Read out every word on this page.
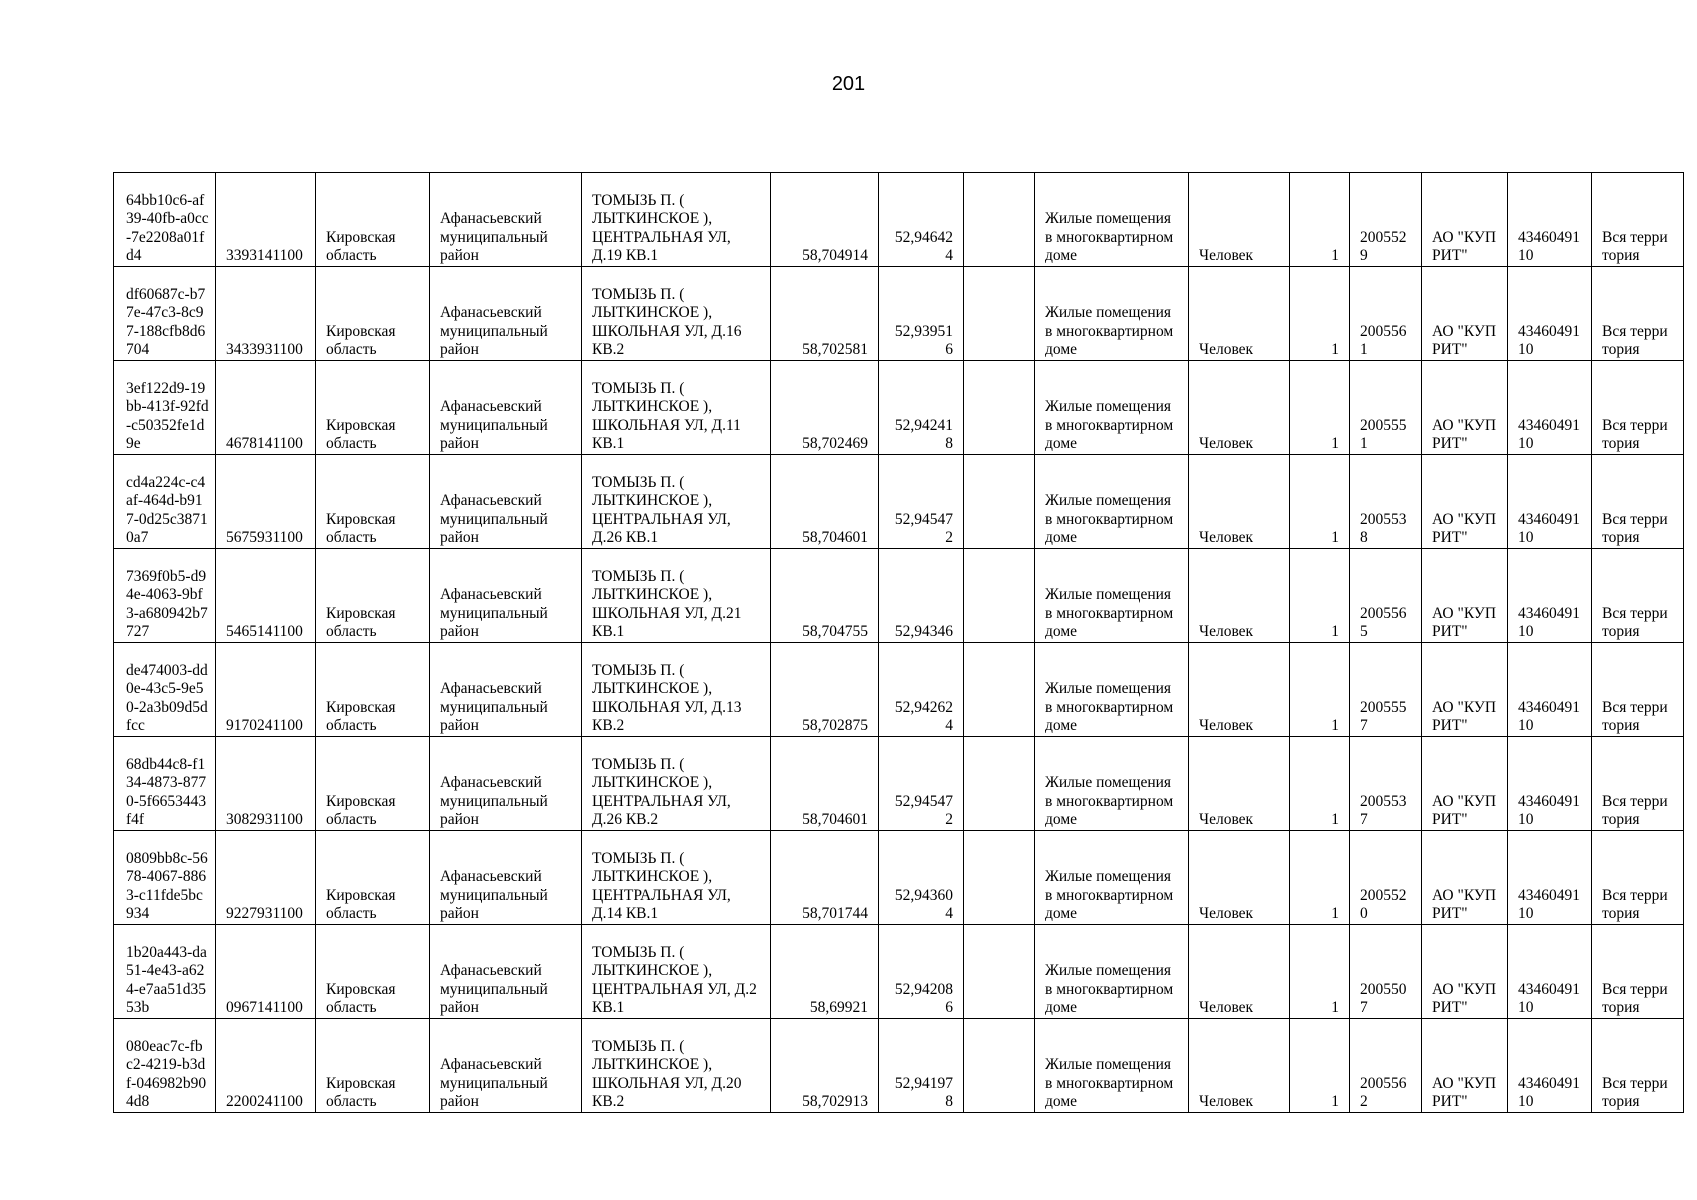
201
64bb10c6-af39-40fb-a0cc-7e2208a01fd4	3393141100	Кировская область	Афанасьевский муниципальный район	ТОМЫЗЬ П. ( ЛЫТКИНСКОЕ ), ЦЕНТРАЛЬНАЯ УЛ, Д.19 КВ.1	58,704914	52,946424		Жилые помещения в многоквартирном доме	Человек	1	2005529	АО "КУПРИТ"	4346049110	Вся территория
df60687c-b77e-47c3-8c97-188cfb8d6704	3433931100	Кировская область	Афанасьевский муниципальный район	ТОМЫЗЬ П. ( ЛЫТКИНСКОЕ ), ШКОЛЬНАЯ УЛ, Д.16 КВ.2	58,702581	52,939516		Жилые помещения в многоквартирном доме	Человек	1	2005561	АО "КУПРИТ"	4346049110	Вся территория
3ef122d9-19bb-413f-92fd-c50352fe1d9e	4678141100	Кировская область	Афанасьевский муниципальный район	ТОМЫЗЬ П. ( ЛЫТКИНСКОЕ ), ШКОЛЬНАЯ УЛ, Д.11 КВ.1	58,702469	52,942418		Жилые помещения в многоквартирном доме	Человек	1	2005551	АО "КУПРИТ"	4346049110	Вся территория
cd4a224c-c4af-464d-b917-0d25c38710a7	5675931100	Кировская область	Афанасьевский муниципальный район	ТОМЫЗЬ П. ( ЛЫТКИНСКОЕ ), ЦЕНТРАЛЬНАЯ УЛ, Д.26 КВ.1	58,704601	52,945472		Жилые помещения в многоквартирном доме	Человек	1	2005538	АО "КУПРИТ"	4346049110	Вся территория
7369f0b5-d94e-4063-9bf3-a680942b7727	5465141100	Кировская область	Афанасьевский муниципальный район	ТОМЫЗЬ П. ( ЛЫТКИНСКОЕ ), ШКОЛЬНАЯ УЛ, Д.21 КВ.1	58,704755	52,94346		Жилые помещения в многоквартирном доме	Человек	1	2005565	АО "КУПРИТ"	4346049110	Вся территория
de474003-dd0e-43c5-9e50-2a3b09d5dfcc	9170241100	Кировская область	Афанасьевский муниципальный район	ТОМЫЗЬ П. ( ЛЫТКИНСКОЕ ), ШКОЛЬНАЯ УЛ, Д.13 КВ.2	58,702875	52,942624		Жилые помещения в многоквартирном доме	Человек	1	2005557	АО "КУПРИТ"	4346049110	Вся территория
68db44c8-f134-4873-8770-5f6653443f4f	3082931100	Кировская область	Афанасьевский муниципальный район	ТОМЫЗЬ П. ( ЛЫТКИНСКОЕ ), ЦЕНТРАЛЬНАЯ УЛ, Д.26 КВ.2	58,704601	52,945472		Жилые помещения в многоквартирном доме	Человек	1	2005537	АО "КУПРИТ"	4346049110	Вся территория
0809bb8c-5678-4067-8863-c11fde5bc934	9227931100	Кировская область	Афанасьевский муниципальный район	ТОМЫЗЬ П. ( ЛЫТКИНСКОЕ ), ЦЕНТРАЛЬНАЯ УЛ, Д.14 КВ.1	58,701744	52,943604		Жилые помещения в многоквартирном доме	Человек	1	2005520	АО "КУПРИТ"	4346049110	Вся территория
1b20a443-da51-4e43-a624-e7aa51d3553b	0967141100	Кировская область	Афанасьевский муниципальный район	ТОМЫЗЬ П. ( ЛЫТКИНСКОЕ ), ЦЕНТРАЛЬНАЯ УЛ, Д.2 КВ.1	58,69921	52,942086		Жилые помещения в многоквартирном доме	Человек	1	2005507	АО "КУПРИТ"	4346049110	Вся территория
080eac7c-fbc2-4219-b3df-046982b904d8	2200241100	Кировская область	Афанасьевский муниципальный район	ТОМЫЗЬ П. ( ЛЫТКИНСКОЕ ), ШКОЛЬНАЯ УЛ, Д.20 КВ.2	58,702913	52,941978		Жилые помещения в многоквартирном доме	Человек	1	2005562	АО "КУПРИТ"	4346049110	Вся территория
